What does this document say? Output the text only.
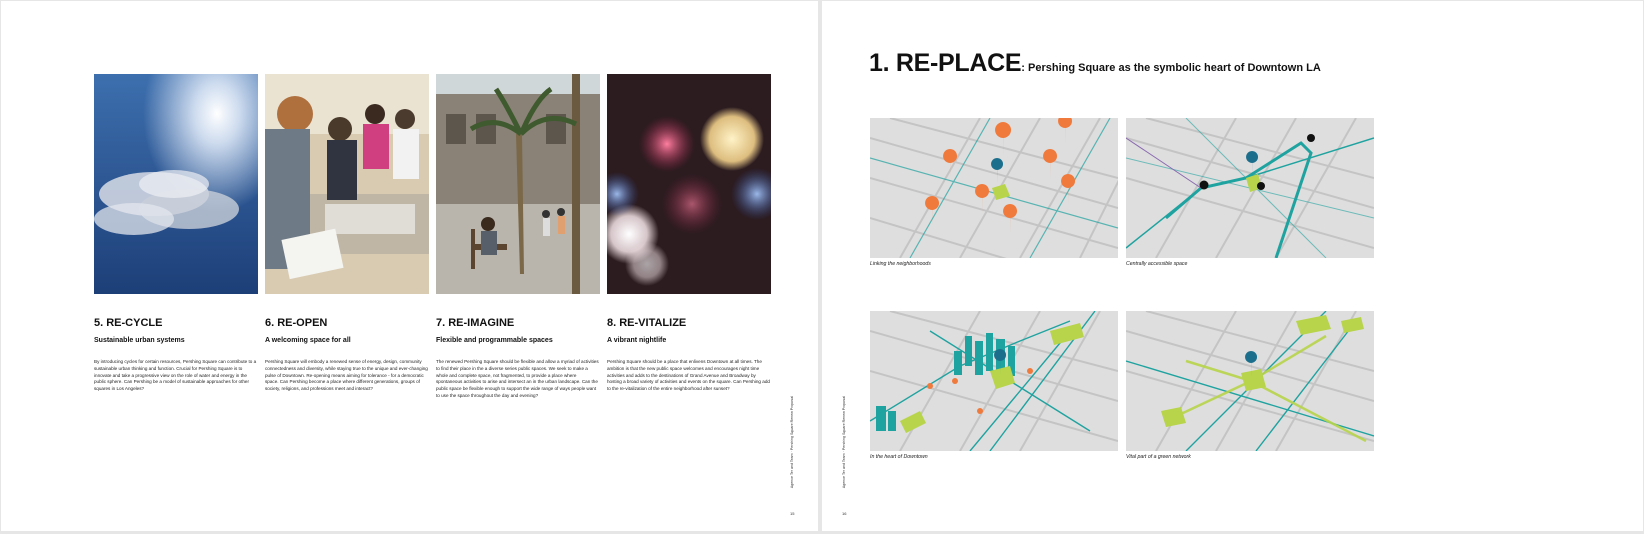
5. RE-CYCLE
Sustainable urban systems

By introducing cycles for certain resources, Pershing Square can contribute to a sustainable urban thinking and function. Crucial for Pershing Square is to innovate and take a progressive view on the role of water and energy in the public sphere. Can Pershing be a model of sustainable approaches for other squares in Los Angeles?

6. RE-OPEN
A welcoming space for all

Pershing Square will embody a renewed sense of energy, design, community connectedness and diversity, while staying true to the unique and ever-changing pulse of Downtown. Re-opening means aiming for tolerance - for a democratic space. Can Pershing become a place where different generations, groups of society, religions, and professions meet and interact?

7. RE-IMAGINE
Flexible and programmable spaces

The renewed Pershing Square should be flexible and allow a myriad of activities to find their place in the a diverse series public spaces. We seek to make a whole and complete space, not fragmented, to provide a place where spontaneous activities to arise and intersect an in the urban landscape. Can the public space be flexible enough to support the wide range of ways people want to use the space throughout the day and evening?

8. RE-VITALIZE
A vibrant nightlife

Pershing Square should be a place that enlivens Downtown at all times. The ambition is that the new public space welcomes and encourages night time activities and adds to the destinations of Grand Avenue and Broadway by hosting a broad variety of activities and events on the square. Can Pershing add to the re-vitalization of the entire neighborhood after sunset?

Agence Ter and Team · Pershing Square Renew Proposal
15
1. RE-PLACE: Pershing Square as the symbolic heart of Downtown LA
Linking the neighborhoods	Centrally accessible space
In the heart of Downtown	Vital part of a green network
Agence Ter and Team · Pershing Square Renew Proposal
16
